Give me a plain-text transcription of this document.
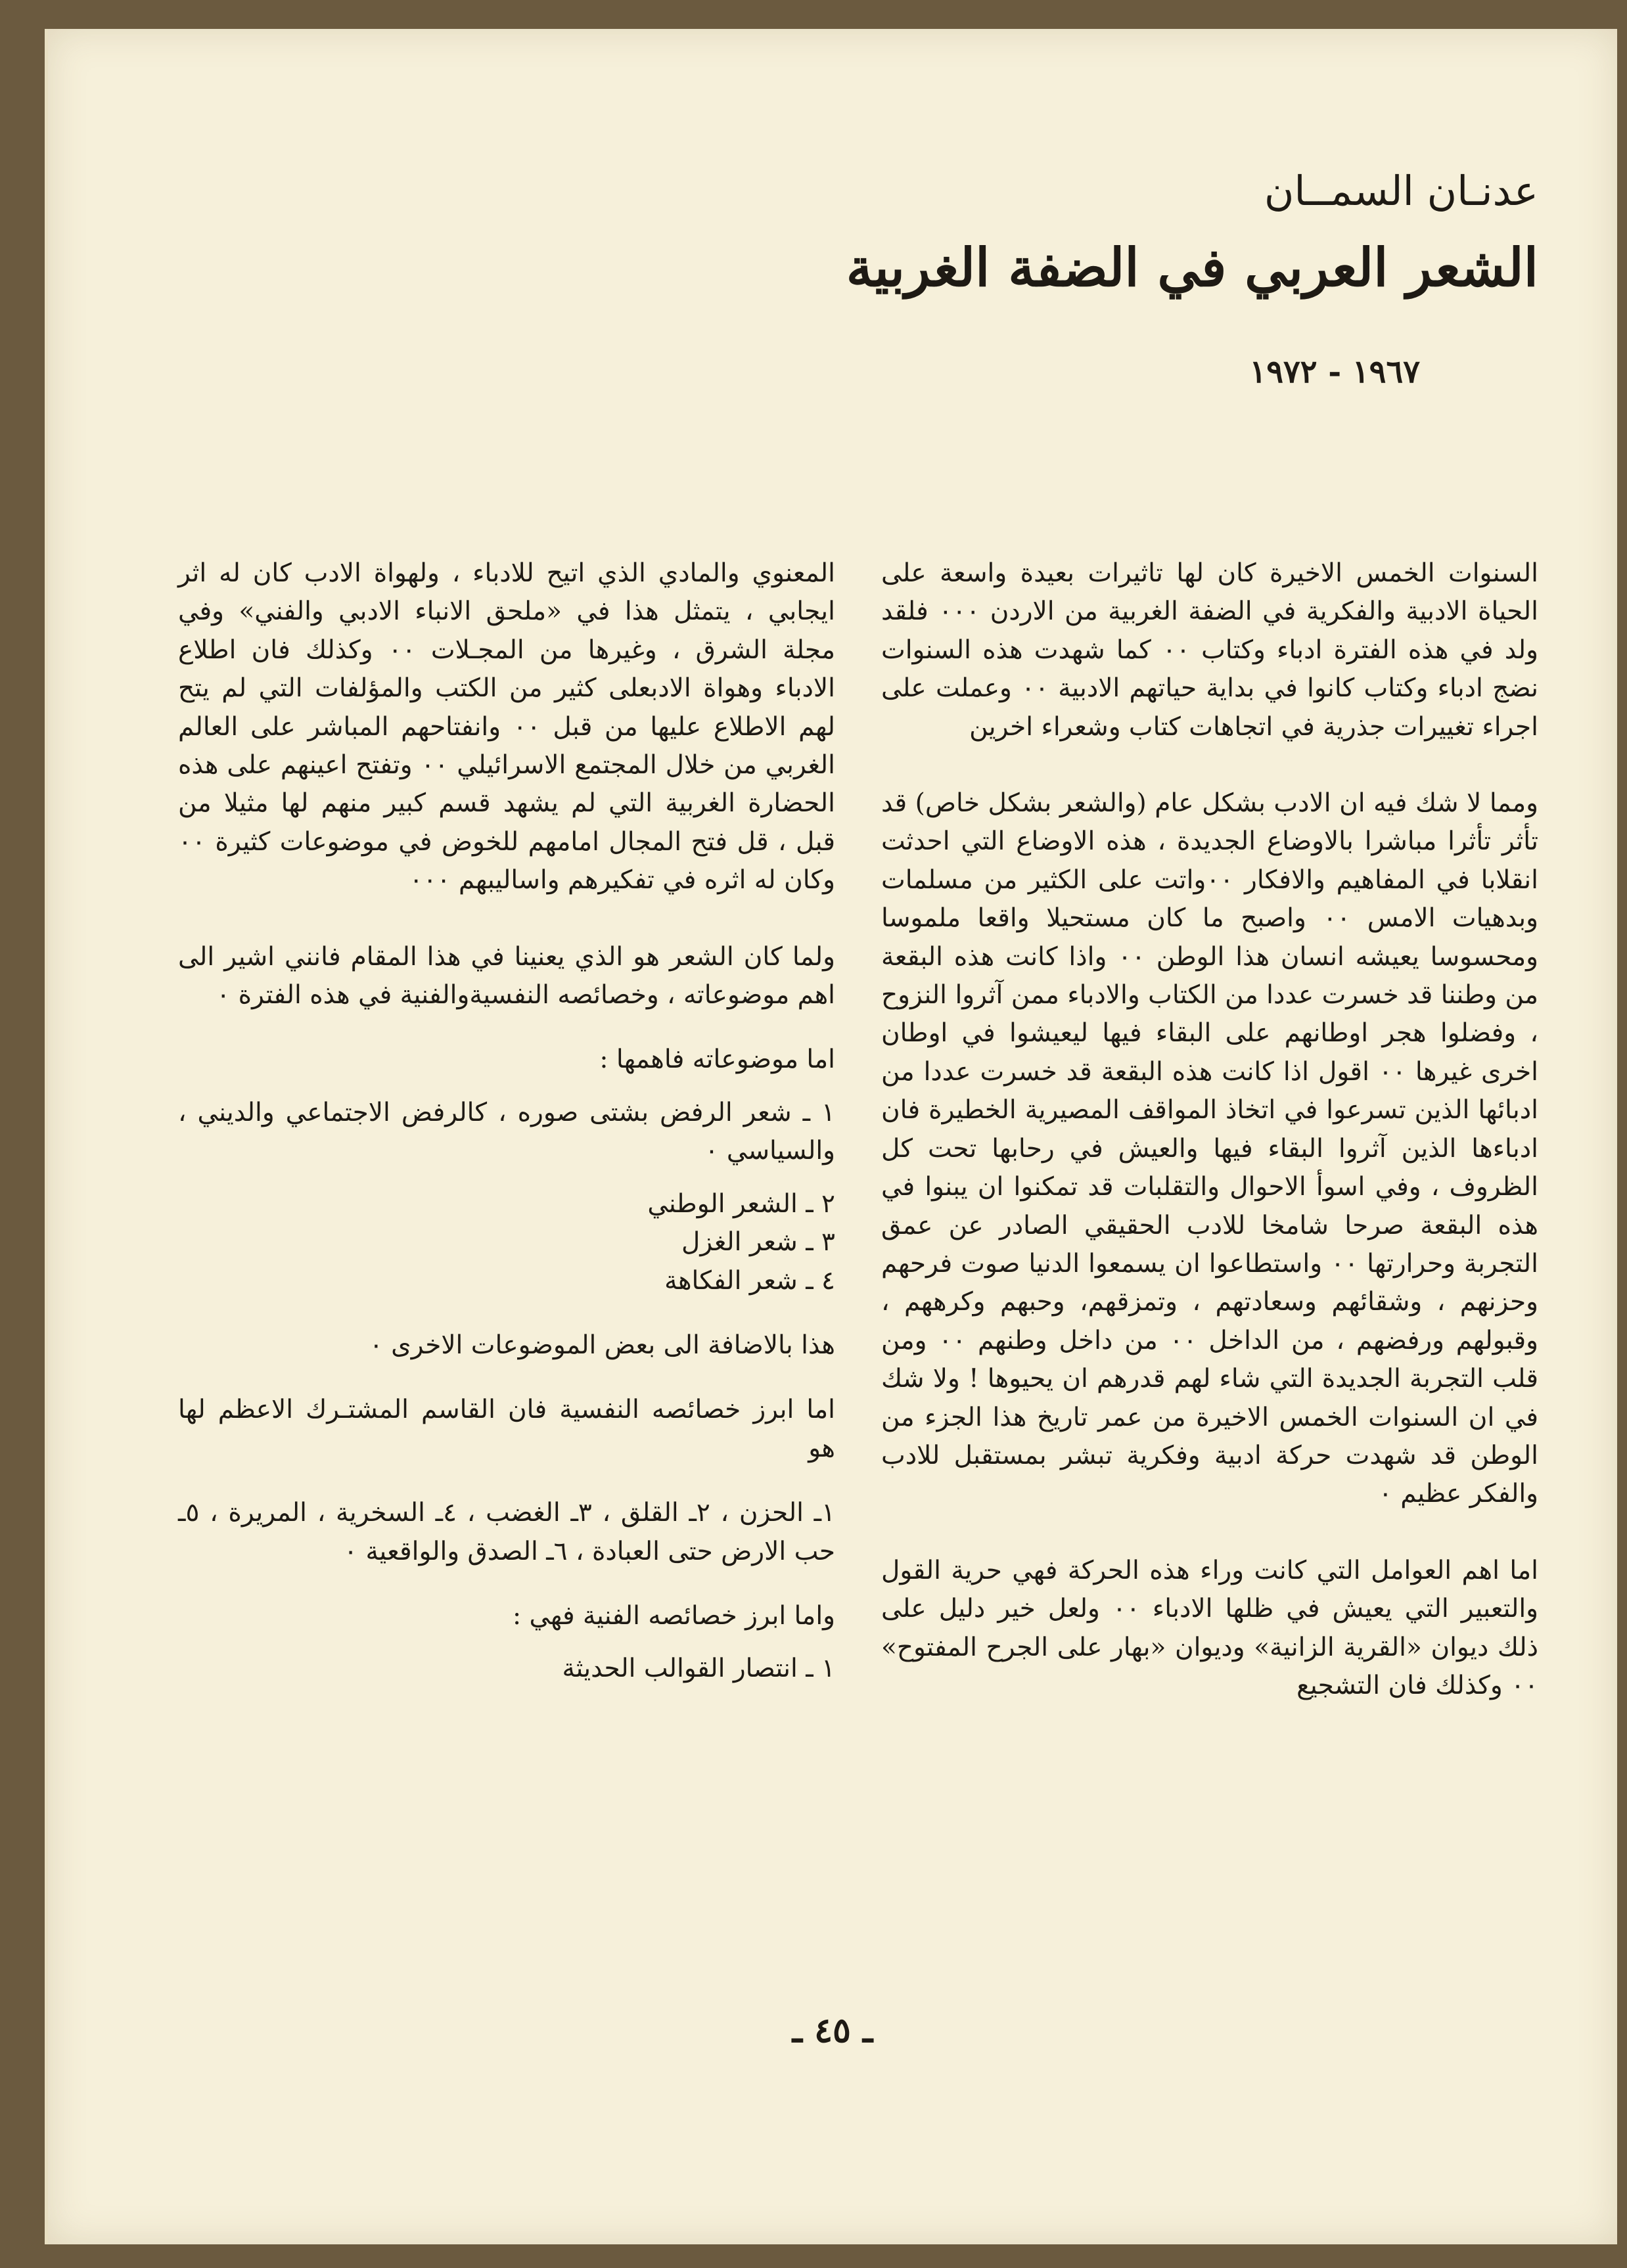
عدنـان السمــان
الشعر العربي في الضفة الغربية
١٩٦٧ - ١٩٧٢

السنوات الخمس الاخيرة كان لها تاثيرات بعيدة واسعة على الحياة الادبية والفكرية في الضفة الغربية من الاردن ٠٠٠ فلقد ولد في هذه الفترة ادباء وكتاب ٠٠ كما شهدت هذه السنوات نضج ادباء وكتاب كانوا في بداية حياتهم الادبية ٠٠ وعملت على اجراء تغييرات جذرية في اتجاهات كتاب وشعراء اخرين

ومما لا شك فيه ان الادب بشكل عام (والشعر بشكل خاص) قد تأثر تأثرا مباشرا بالاوضاع الجديدة ، هذه الاوضاع التي احدثت انقلابا في المفاهيم والافكار ٠٠واتت على الكثير من مسلمات وبدهيات الامس ٠٠ واصبح ما كان مستحيلا واقعا ملموسا ومحسوسا يعيشه انسان هذا الوطن ٠٠ واذا كانت هذه البقعة من وطننا قد خسرت عددا من الكتاب والادباء ممن آثروا النزوح ، وفضلوا هجر اوطانهم على البقاء فيها ليعيشوا في اوطان اخرى غيرها ٠٠ اقول اذا كانت هذه البقعة قد خسرت عددا من ادبائها الذين تسرعوا في اتخاذ المواقف المصيرية الخطيرة فان ادباءها الذين آثروا البقاء فيها والعيش في رحابها تحت كل الظروف ، وفي اسوأ الاحوال والتقلبات قد تمكنوا ان يبنوا في هذه البقعة صرحا شامخا للادب الحقيقي الصادر عن عمق التجربة وحرارتها ٠٠ واستطاعوا ان يسمعوا الدنيا صوت فرحهم وحزنهم ، وشقائهم وسعادتهم ، وتمزقهم، وحبهم وكرههم ، وقبولهم ورفضهم ، من الداخل ٠٠ من داخل وطنهم ٠٠ ومن قلب التجربة الجديدة التي شاء لهم قدرهم ان يحيوها ! ولا شك في ان السنوات الخمس الاخيرة من عمر تاريخ هذا الجزء من الوطن قد شهدت حركة ادبية وفكرية تبشر بمستقبل للادب والفكر عظيم ٠

اما اهم العوامل التي كانت وراء هذه الحركة فهي حرية القول والتعبير التي يعيش في ظلها الادباء ٠٠ ولعل خير دليل على ذلك ديوان «القرية الزانية» وديوان «بهار على الجرح المفتوح» ٠٠ وكذلك فان التشجيع

المعنوي والمادي الذي اتيح للادباء ، ولهواة الادب كان له اثر ايجابي ، يتمثل هذا في «ملحق الانباء الادبي والفني» وفي مجلة الشرق ، وغيرها من المجـلات ٠٠ وكذلك فان اطلاع الادباء وهواة الادبعلى كثير من الكتب والمؤلفات التي لم يتح لهم الاطلاع عليها من قبل ٠٠ وانفتاحهم المباشر على العالم الغربي من خلال المجتمع الاسرائيلي ٠٠ وتفتح اعينهم على هذه الحضارة الغربية التي لم يشهد قسم كبير منهم لها مثيلا من قبل ، قل فتح المجال امامهم للخوض في موضوعات كثيرة ٠٠ وكان له اثره في تفكيرهم واساليبهم ٠٠٠

ولما كان الشعر هو الذي يعنينا في هذا المقام فانني اشير الى اهم موضوعاته ، وخصائصه النفسيةوالفنية في هذه الفترة ٠

اما موضوعاته فاهمها :

١ ـ شعر الرفض بشتى صوره ، كالرفض الاجتماعي والديني ، والسياسي ٠

٢ ـ الشعر الوطني

٣ ـ شعر الغزل

٤ ـ شعر الفكاهة

هذا بالاضافة الى بعض الموضوعات الاخرى ٠

اما ابرز خصائصه النفسية فان القاسم المشتـرك الاعظم لها هو

١ـ الحزن ، ٢ـ القلق ، ٣ـ الغضب ، ٤ـ السخرية ، المريرة ، ٥ـ حب الارض حتى العبادة ، ٦ـ الصدق والواقعية ٠

واما ابرز خصائصه الفنية فهي :

١ ـ انتصار القوالب الحديثة

ـ ٤٥ ـ
